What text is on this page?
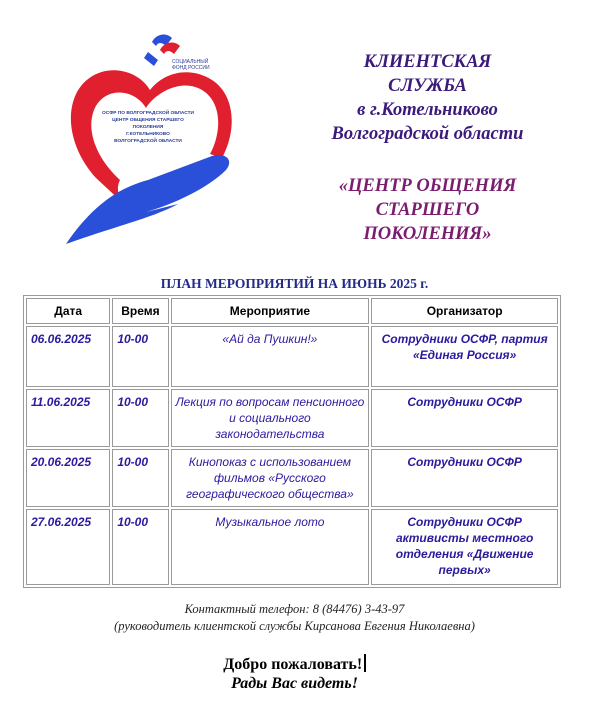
СОЦИАЛЬНЫЙ
ФОНД РОССИИ
ОСФР ПО ВОЛГОГРАДСКОЙ ОБЛАСТИ
ЦЕНТР ОБЩЕНИЯ СТАРШЕГО
ПОКОЛЕНИЯ
Г.КОТЕЛЬНИКОВО
ВОЛГОГРАДСКОЙ ОБЛАСТИ
КЛИЕНТСКАЯ
СЛУЖБА
в г.Котельниково
Волгоградской области
«ЦЕНТР ОБЩЕНИЯ
СТАРШЕГО
ПОКОЛЕНИЯ»
ПЛАН МЕРОПРИЯТИЙ НА ИЮНЬ 2025 г.
Дата	Время	Мероприятие	Организатор
06.06.2025	10-00	«Ай да Пушкин!»	Сотрудники ОСФР, партия «Единая Россия»
11.06.2025	10-00	Лекция по вопросам пенсионного и социального законодательства	Сотрудники ОСФР
20.06.2025	10-00	Кинопоказ с использованием фильмов «Русского географического общества»	Сотрудники ОСФР
27.06.2025	10-00	Музыкальное лото	Сотрудники ОСФР активисты местного отделения «Движение первых»
Контактный телефон: 8 (84476) 3-43-97
(руководитель клиентской службы Кирсанова Евгения Николаевна)
Добро пожаловать!
Рады Вас видеть!
